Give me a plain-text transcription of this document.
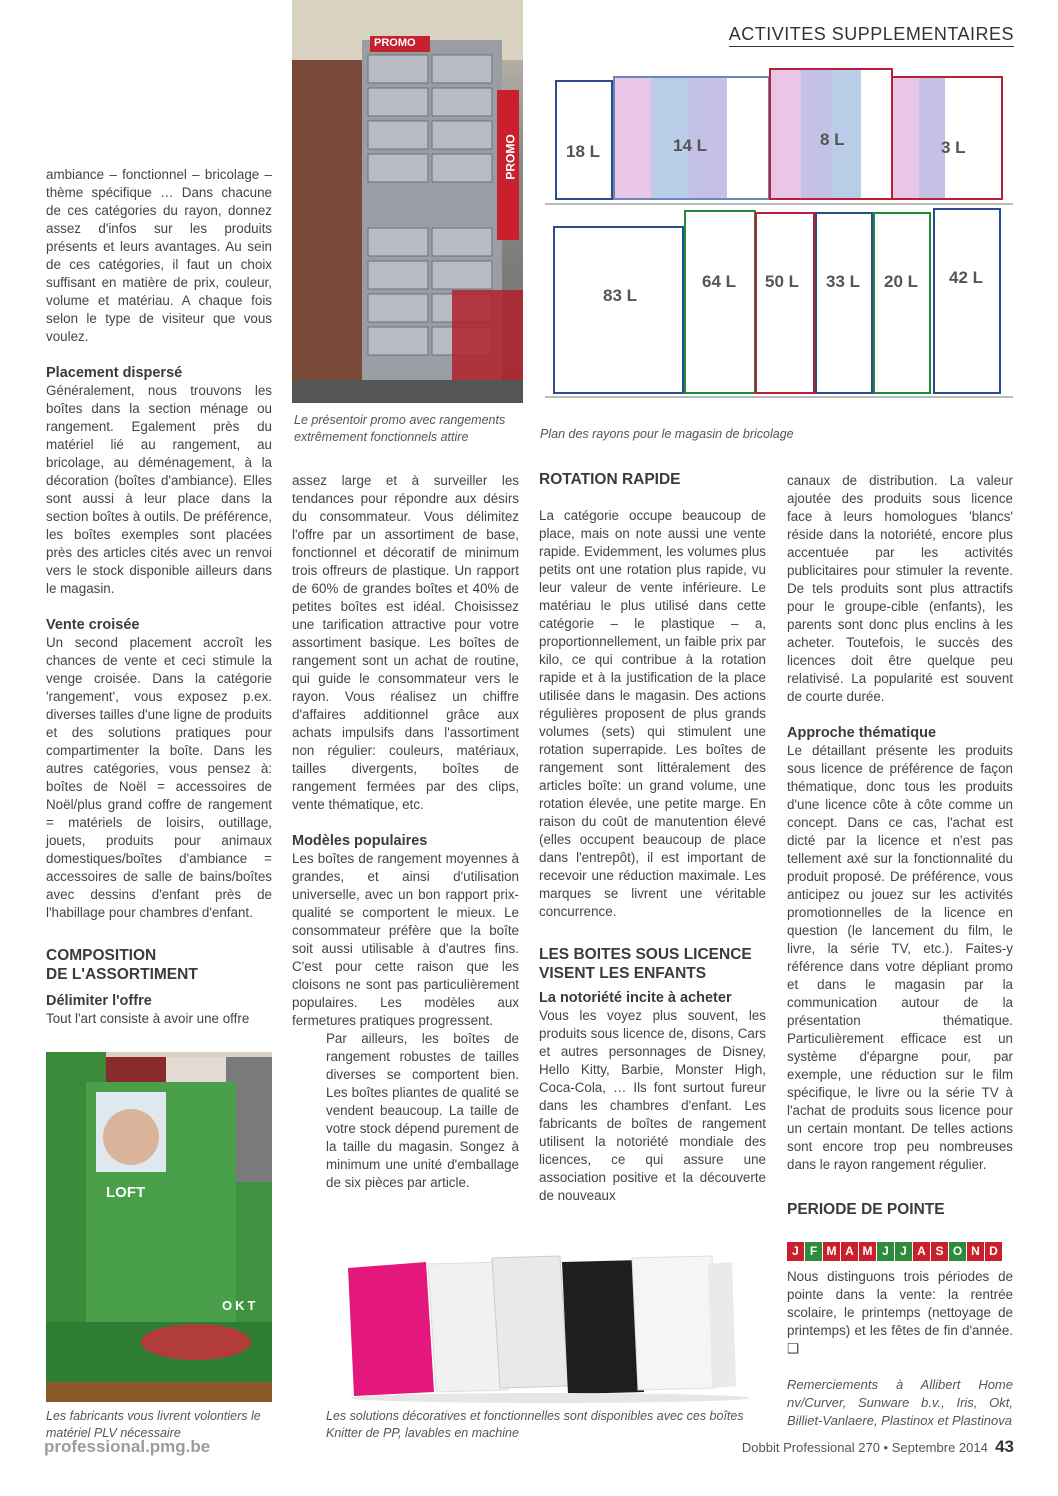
ACTIVITES SUPPLEMENTAIRES
PROMO
PROMO
Le présentoir promo avec rangements extrêmement fonctionnels attire
18 L	14 L	8 L	3 L
83 L
64 L 50 L 33 L 20 L 42 L
Plan des rayons pour le magasin de bricolage

ambiance – fonctionnel – bricolage – thème spécifique … Dans chacune de ces catégories du rayon, donnez assez d'infos sur les produits présents et leurs avantages. Au sein de ces catégories, il faut un choix suffisant en matière de prix, couleur, volume et matériau. A chaque fois selon le type de visiteur que vous voulez.

Placement dispersé

Généralement, nous trouvons les boîtes dans la section ménage ou rangement. Egalement près du matériel lié au rangement, au bricolage, au déménagement, à la décoration (boîtes d'ambiance). Elles sont aussi à leur place dans la section boîtes à outils. De préférence, les boîtes exemples sont placées près des articles cités avec un renvoi vers le stock disponible ailleurs dans le magasin.

Vente croisée

Un second placement accroît les chances de vente et ceci stimule la venge croisée. Dans la catégorie 'rangement', vous exposez p.ex. diverses tailles d'une ligne de produits et des solutions pratiques pour compartimenter la boîte. Dans les autres catégories, vous pensez à: boîtes de Noël = accessoires de Noël/plus grand coffre de rangement = matériels de loisirs, outillage, jouets, produits pour animaux domestiques/boîtes d'ambiance = accessoires de salle de bains/boîtes avec dessins d'enfant près de l'habillage pour chambres d'enfant.

COMPOSITION

DE L'ASSORTIMENT

Délimiter l'offre

Tout l'art consiste à avoir une offre

LOFT
OKT
Les fabricants vous livrent volontiers le matériel PLV nécessaire

assez large et à surveiller les tendances pour répondre aux désirs du consommateur. Vous délimitez l'offre par un assortiment de base, fonctionnel et décoratif de minimum trois offreurs de plastique. Un rapport de 60% de grandes boîtes et 40% de petites boîtes est idéal. Choisissez une tarification attractive pour votre assortiment basique. Les boîtes de rangement sont un achat de routine, qui guide le consommateur vers le rayon. Vous réalisez un chiffre d'affaires additionnel grâce aux achats impulsifs dans l'assortiment non régulier: couleurs, matériaux, tailles divergents, boîtes de rangement fermées par des clips, vente thématique, etc.

Modèles populaires

Les boîtes de rangement moyennes à grandes, et ainsi d'utilisation universelle, avec un bon rapport prix-qualité se comportent le mieux. Le consommateur préfère que la boîte soit aussi utilisable à d'autres fins. C'est pour cette raison que les cloisons ne sont pas particulièrement populaires. Les modèles aux fermetures pratiques progressent.

Par ailleurs, les boîtes de rangement robustes de tailles diverses se comportent bien. Les boîtes pliantes de qualité se vendent beaucoup. La taille de votre stock dépend purement de la taille du magasin. Songez à minimum une unité d'emballage de six pièces par article.

ROTATION RAPIDE

La catégorie occupe beaucoup de place, mais on note aussi une vente rapide. Evidemment, les volumes plus petits ont une rotation plus rapide, vu leur valeur de vente inférieure. Le matériau le plus utilisé dans cette catégorie – le plastique – a, proportionnellement, un faible prix par kilo, ce qui contribue à la rotation rapide et à la justification de la place utilisée dans le magasin. Des actions régulières proposent de plus grands volumes (sets) qui stimulent une rotation superrapide. Les boîtes de rangement sont littéralement des articles boîte: un grand volume, une rotation élevée, une petite marge. En raison du coût de manutention élevé (elles occupent beaucoup de place dans l'entrepôt), il est important de recevoir une réduction maximale. Les marques se livrent une véritable concurrence.

LES BOITES SOUS LICENCE

VISENT LES ENFANTS

La notoriété incite à acheter

Vous les voyez plus souvent, les produits sous licence de, disons, Cars et autres personnages de Disney, Hello Kitty, Barbie, Monster High, Coca-Cola, … Ils font surtout fureur dans les chambres d'enfant. Les fabricants de boîtes de rangement utilisent la notoriété mondiale des licences, ce qui assure une association positive et la découverte de nouveaux

canaux de distribution. La valeur ajoutée des produits sous licence face à leurs homologues 'blancs' réside dans la notoriété, encore plus accentuée par les activités publicitaires pour stimuler la revente. De tels produits sont plus attractifs pour le groupe-cible (enfants), les parents sont donc plus enclins à les acheter. Toutefois, le succès des licences doit être quelque peu relativisé. La popularité est souvent de courte durée.

Approche thématique

Le détaillant présente les produits sous licence de préférence de façon thématique, donc tous les produits d'une licence côte à côte comme un concept. Dans ce cas, l'achat est dicté par la licence et n'est pas tellement axé sur la fonctionnalité du produit proposé. De préférence, vous anticipez ou jouez sur les activités promotionnelles de la licence en question (le lancement du film, le livre, la série TV, etc.). Faites-y référence dans votre dépliant promo et dans le magasin par la communication autour de la présentation thématique. Particulièrement efficace est un système d'épargne pour, par exemple, une réduction sur le film spécifique, le livre ou la série TV à l'achat de produits sous licence pour un certain montant. De telles actions sont encore trop peu nombreuses dans le rayon rangement régulier.

PERIODE DE POINTE

J F M A M J J A S O N D

Nous distinguons trois périodes de pointe dans la vente: la rentrée scolaire, le printemps (nettoyage de printemps) et les fêtes de fin d'année. ❑

Remerciements à Allibert Home nv/Curver, Sunware b.v., Iris, Okt, Billiet-Vanlaere, Plastinox et Plastinova
Les solutions décoratives et fonctionnelles sont disponibles avec ces boîtes Knitter de PP, lavables en machine
professional.pmg.be	Dobbit Professional 270 • Septembre 2014 43
